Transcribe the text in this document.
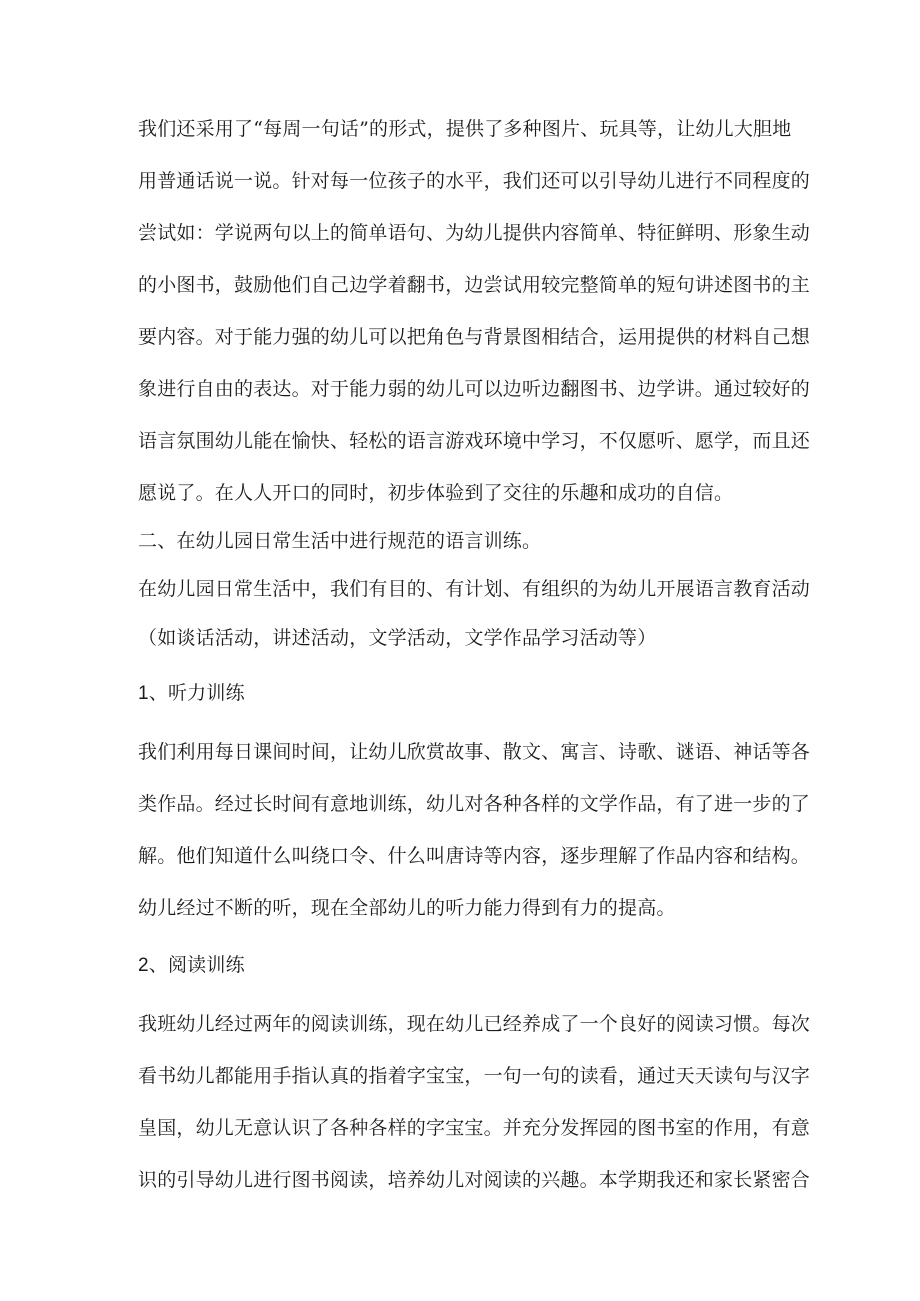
我们还采用了“每周一句话”的形式，提供了多种图片、玩具等，让幼儿大胆地
用普通话说一说。针对每一位孩子的水平，我们还可以引导幼儿进行不同程度的
尝试如：学说两句以上的简单语句、为幼儿提供内容简单、特征鲜明、形象生动
的小图书，鼓励他们自己边学着翻书，边尝试用较完整简单的短句讲述图书的主
要内容。对于能力强的幼儿可以把角色与背景图相结合，运用提供的材料自己想
象进行自由的表达。对于能力弱的幼儿可以边听边翻图书、边学讲。通过较好的
语言氛围幼儿能在愉快、轻松的语言游戏环境中学习，不仅愿听、愿学，而且还
愿说了。在人人开口的同时，初步体验到了交往的乐趣和成功的自信。
二、在幼儿园日常生活中进行规范的语言训练。
在幼儿园日常生活中，我们有目的、有计划、有组织的为幼儿开展语言教育活动
（如谈话活动，讲述活动，文学活动，文学作品学习活动等）
1、听力训练
我们利用每日课间时间，让幼儿欣赏故事、散文、寓言、诗歌、谜语、神话等各
类作品。经过长时间有意地训练，幼儿对各种各样的文学作品，有了进一步的了
解。他们知道什么叫绕口令、什么叫唐诗等内容，逐步理解了作品内容和结构。
幼儿经过不断的听，现在全部幼儿的听力能力得到有力的提高。
2、阅读训练
我班幼儿经过两年的阅读训练，现在幼儿已经养成了一个良好的阅读习惯。每次
看书幼儿都能用手指认真的指着字宝宝，一句一句的读看，通过天天读句与汉字
皇国，幼儿无意认识了各种各样的字宝宝。并充分发挥园的图书室的作用，有意
识的引导幼儿进行图书阅读，培养幼儿对阅读的兴趣。本学期我还和家长紧密合
